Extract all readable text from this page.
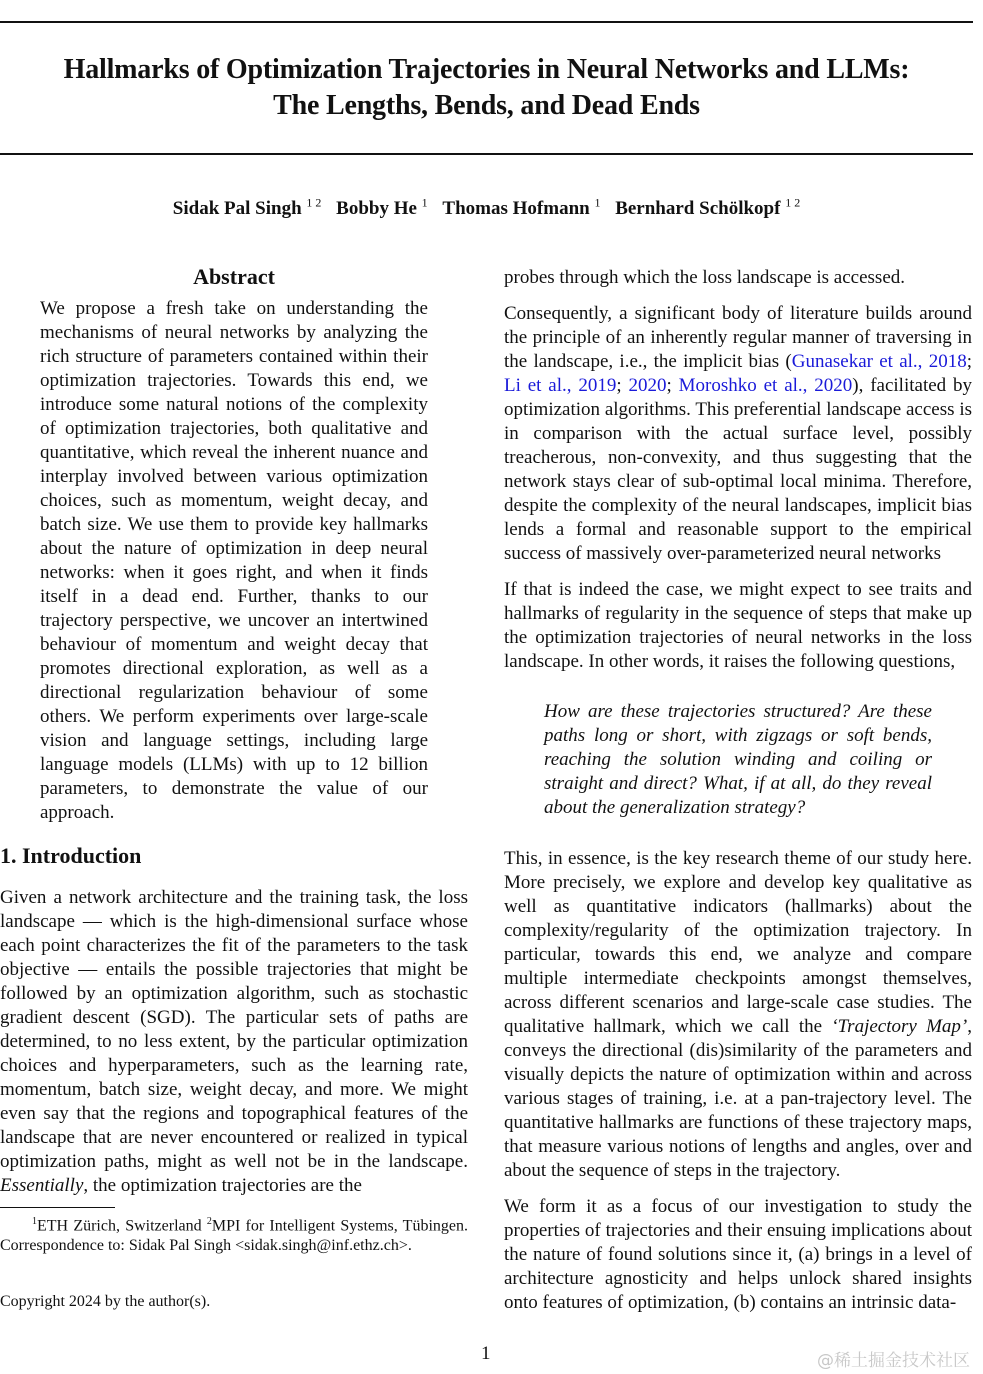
Hallmarks of Optimization Trajectories in Neural Networks and LLMs:
The Lengths, Bends, and Dead Ends
Sidak Pal Singh $^{1 2}$ Bobby He $^1$ Thomas Hofmann $^1$ Bernhard Schölkopf $^{1 2}$
Abstract

We propose a fresh take on understanding the mechanisms of neural networks by analyzing the rich structure of parameters contained within their optimization trajectories. Towards this end, we introduce some natural notions of the complexity of optimization trajectories, both qualitative and quantitative, which reveal the inherent nuance and interplay involved between various optimization choices, such as momentum, weight decay, and batch size. We use them to provide key hallmarks about the nature of optimization in deep neural networks: when it goes right, and when it finds itself in a dead end. Further, thanks to our trajectory perspective, we uncover an intertwined behaviour of momentum and weight decay that promotes directional exploration, as well as a directional regularization behaviour of some others. We perform experiments over large-scale vision and language settings, including large language models (LLMs) with up to 12 billion parameters, to demonstrate the value of our approach.

1. Introduction

Given a network architecture and the training task, the loss landscape — which is the high-dimensional surface whose each point characterizes the fit of the parameters to the task objective — entails the possible trajectories that might be followed by an optimization algorithm, such as stochastic gradient descent (SGD). The particular sets of paths are determined, to no less extent, by the particular optimization choices and hyperparameters, such as the learning rate, momentum, batch size, weight decay, and more. We might even say that the regions and topographical features of the landscape that are never encountered or realized in typical optimization paths, might as well not be in the landscape. Essentially, the optimization trajectories are the

$^1$ETH Zürich, Switzerland $^2$MPI for Intelligent Systems, Tübingen. Correspondence to: Sidak Pal Singh <sidak.singh@inf.ethz.ch>.
Copyright 2024 by the author(s).

probes through which the loss landscape is accessed.

Consequently, a significant body of literature builds around the principle of an inherently regular manner of traversing in the landscape, i.e., the implicit bias (Gunasekar et al., 2018; Li et al., 2019; 2020; Moroshko et al., 2020), facilitated by optimization algorithms. This preferential landscape access is in comparison with the actual surface level, possibly treacherous, non-convexity, and thus suggesting that the network stays clear of sub-optimal local minima. Therefore, despite the complexity of the neural landscapes, implicit bias lends a formal and reasonable support to the empirical success of massively over-parameterized neural networks

If that is indeed the case, we might expect to see traits and hallmarks of regularity in the sequence of steps that make up the optimization trajectories of neural networks in the loss landscape. In other words, it raises the following questions,

How are these trajectories structured? Are these paths long or short, with zigzags or soft bends, reaching the solution winding and coiling or straight and direct? What, if at all, do they reveal about the generalization strategy?

This, in essence, is the key research theme of our study here. More precisely, we explore and develop key qualitative as well as quantitative indicators (hallmarks) about the complexity/regularity of the optimization trajectory. In particular, towards this end, we analyze and compare multiple intermediate checkpoints amongst themselves, across different scenarios and large-scale case studies. The qualitative hallmark, which we call the ‘Trajectory Map’, conveys the directional (dis)similarity of the parameters and visually depicts the nature of optimization within and across various stages of training, i.e. at a pan-trajectory level. The quantitative hallmarks are functions of these trajectory maps, that measure various notions of lengths and angles, over and about the sequence of steps in the trajectory.

We form it as a focus of our investigation to study the properties of trajectories and their ensuing implications about the nature of found solutions since it, (a) brings in a level of architecture agnosticity and helps unlock shared insights onto features of optimization, (b) contains an intrinsic data-

1	@稀土掘金技术社区
